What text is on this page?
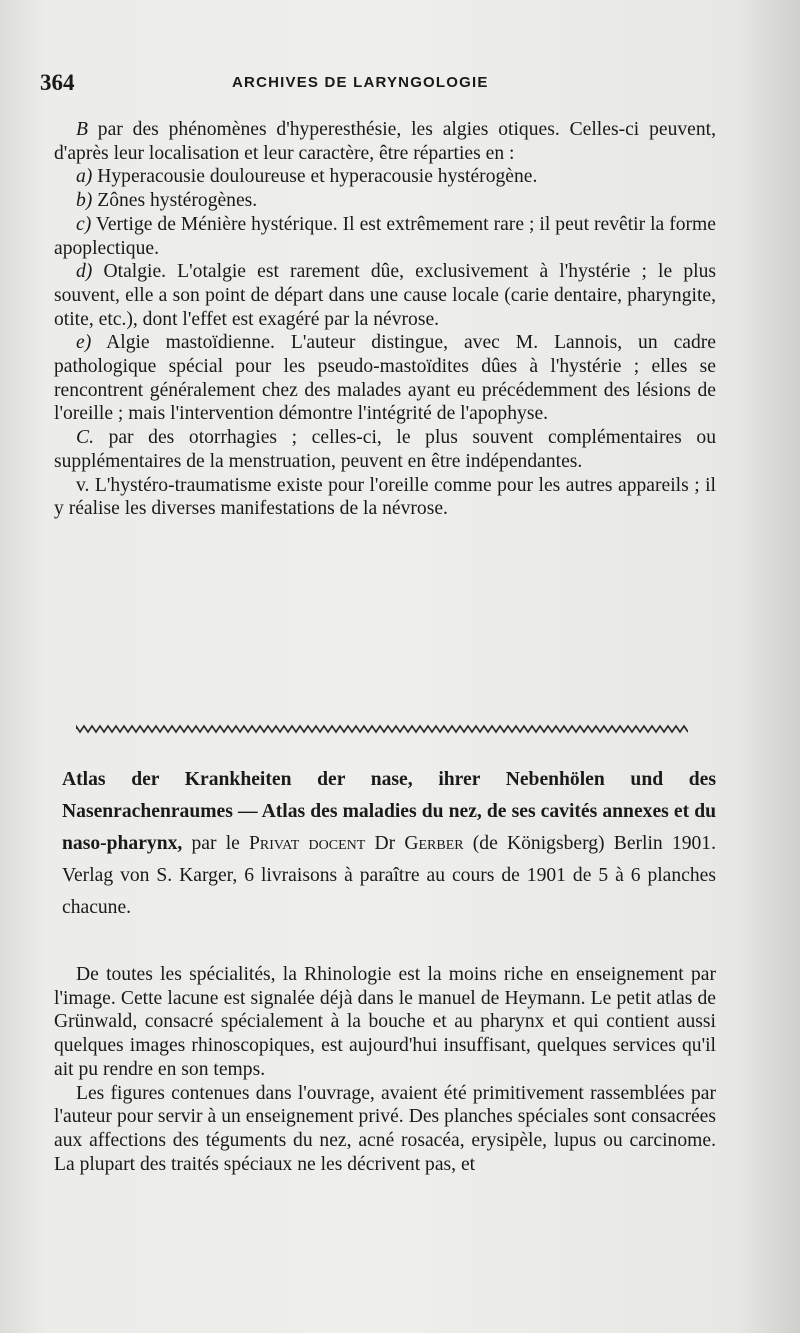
364	ARCHIVES DE LARYNGOLOGIE

B par des phénomènes d'hyperesthésie, les algies otiques. Celles-ci peuvent, d'après leur localisation et leur caractère, être réparties en :

a) Hyperacousie douloureuse et hyperacousie hystérogène.

b) Zônes hystérogènes.

c) Vertige de Ménière hystérique. Il est extrêmement rare ; il peut revêtir la forme apoplectique.

d) Otalgie. L'otalgie est rarement dûe, exclusivement à l'hystérie ; le plus souvent, elle a son point de départ dans une cause locale (carie dentaire, pharyngite, otite, etc.), dont l'effet est exagéré par la névrose.

e) Algie mastoïdienne. L'auteur distingue, avec M. Lannois, un cadre pathologique spécial pour les pseudo-mastoïdites dûes à l'hystérie ; elles se rencontrent généralement chez des malades ayant eu précédemment des lésions de l'oreille ; mais l'intervention démontre l'intégrité de l'apophyse.

C. par des otorrhagies ; celles-ci, le plus souvent complémentaires ou supplémentaires de la menstruation, peuvent en être indépendantes.

v. L'hystéro-traumatisme existe pour l'oreille comme pour les autres appareils ; il y réalise les diverses manifestations de la névrose.

Atlas der Krankheiten der nase, ihrer Nebenhölen und des Nasenrachenraumes — Atlas des maladies du nez, de ses cavités annexes et du naso-pharynx, par le Privat docent Dr Gerber (de Königsberg) Berlin 1901. Verlag von S. Karger, 6 livraisons à paraître au cours de 1901 de 5 à 6 planches chacune.

De toutes les spécialités, la Rhinologie est la moins riche en enseignement par l'image. Cette lacune est signalée déjà dans le manuel de Heymann. Le petit atlas de Grünwald, consacré spécialement à la bouche et au pharynx et qui contient aussi quelques images rhinoscopiques, est aujourd'hui insuffisant, quelques services qu'il ait pu rendre en son temps.

Les figures contenues dans l'ouvrage, avaient été primitivement rassemblées par l'auteur pour servir à un enseignement privé. Des planches spéciales sont consacrées aux affections des téguments du nez, acné rosacéa, erysipèle, lupus ou carcinome. La plupart des traités spéciaux ne les décrivent pas, et
